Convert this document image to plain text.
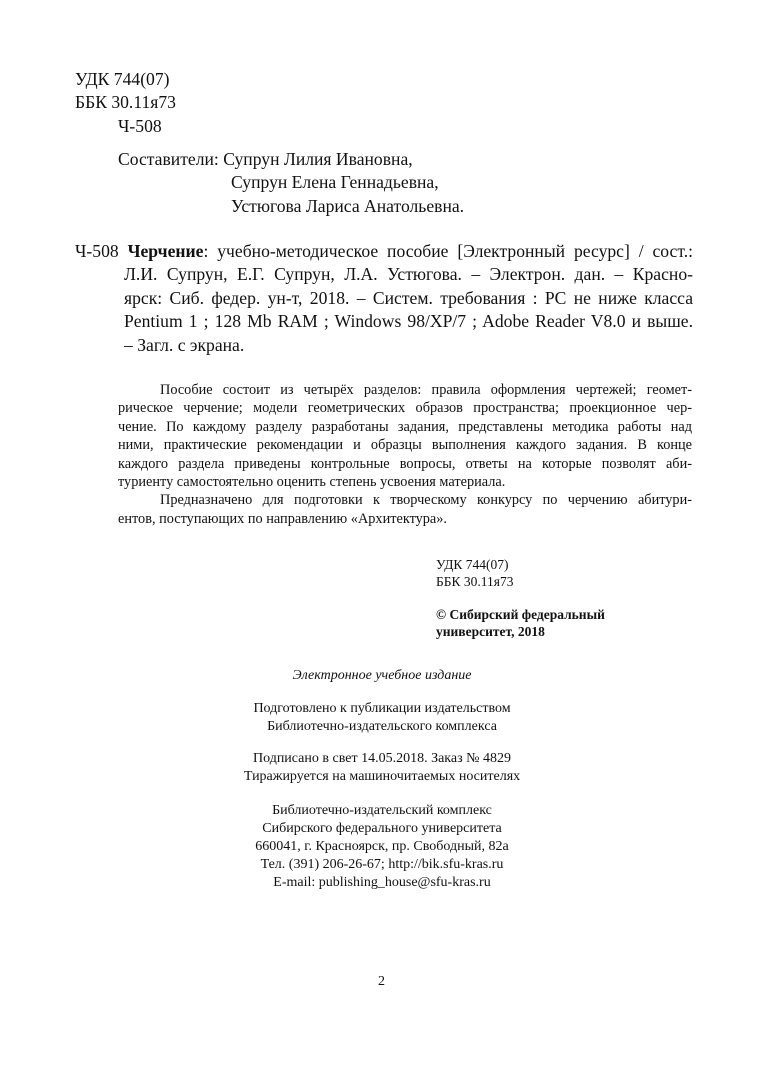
УДК 744(07)
ББК 30.11я73
Ч-508
Составители: Супрун Лилия Ивановна,
Супрун Елена Геннадьевна,
Устюгова Лариса Анатольевна.
Ч-508 Черчение: учебно-методическое пособие [Электронный ресурс] / сост.:
Л.И. Супрун, Е.Г. Супрун, Л.А. Устюгова. – Электрон. дан. – Красно-
ярск: Сиб. федер. ун-т, 2018. – Систем. требования : PC не ниже класса
Pentium 1 ; 128 Mb RAM ; Windows 98/XP/7 ; Adobe Reader V8.0 и выше.
– Загл. с экрана.
Пособие состоит из четырёх разделов: правила оформления чертежей; геомет-
рическое черчение; модели геометрических образов пространства; проекционное чер-
чение. По каждому разделу разработаны задания, представлены методика работы над
ними, практические рекомендации и образцы выполнения каждого задания. В конце
каждого раздела приведены контрольные вопросы, ответы на которые позволят аби-
туриенту самостоятельно оценить степень усвоения материала.
Предназначено для подготовки к творческому конкурсу по черчению абитури-
ентов, поступающих по направлению «Архитектура».
УДК 744(07)
ББК 30.11я73
© Сибирский федеральный
университет, 2018
Электронное учебное издание
Подготовлено к публикации издательством
Библиотечно-издательского комплекса
Подписано в свет 14.05.2018. Заказ № 4829
Тиражируется на машиночитаемых носителях
Библиотечно-издательский комплекс
Сибирского федерального университета
660041, г. Красноярск, пр. Свободный, 82а
Тел. (391) 206-26-67; http://bik.sfu-kras.ru
E-mail: publishing_house@sfu-kras.ru
2
